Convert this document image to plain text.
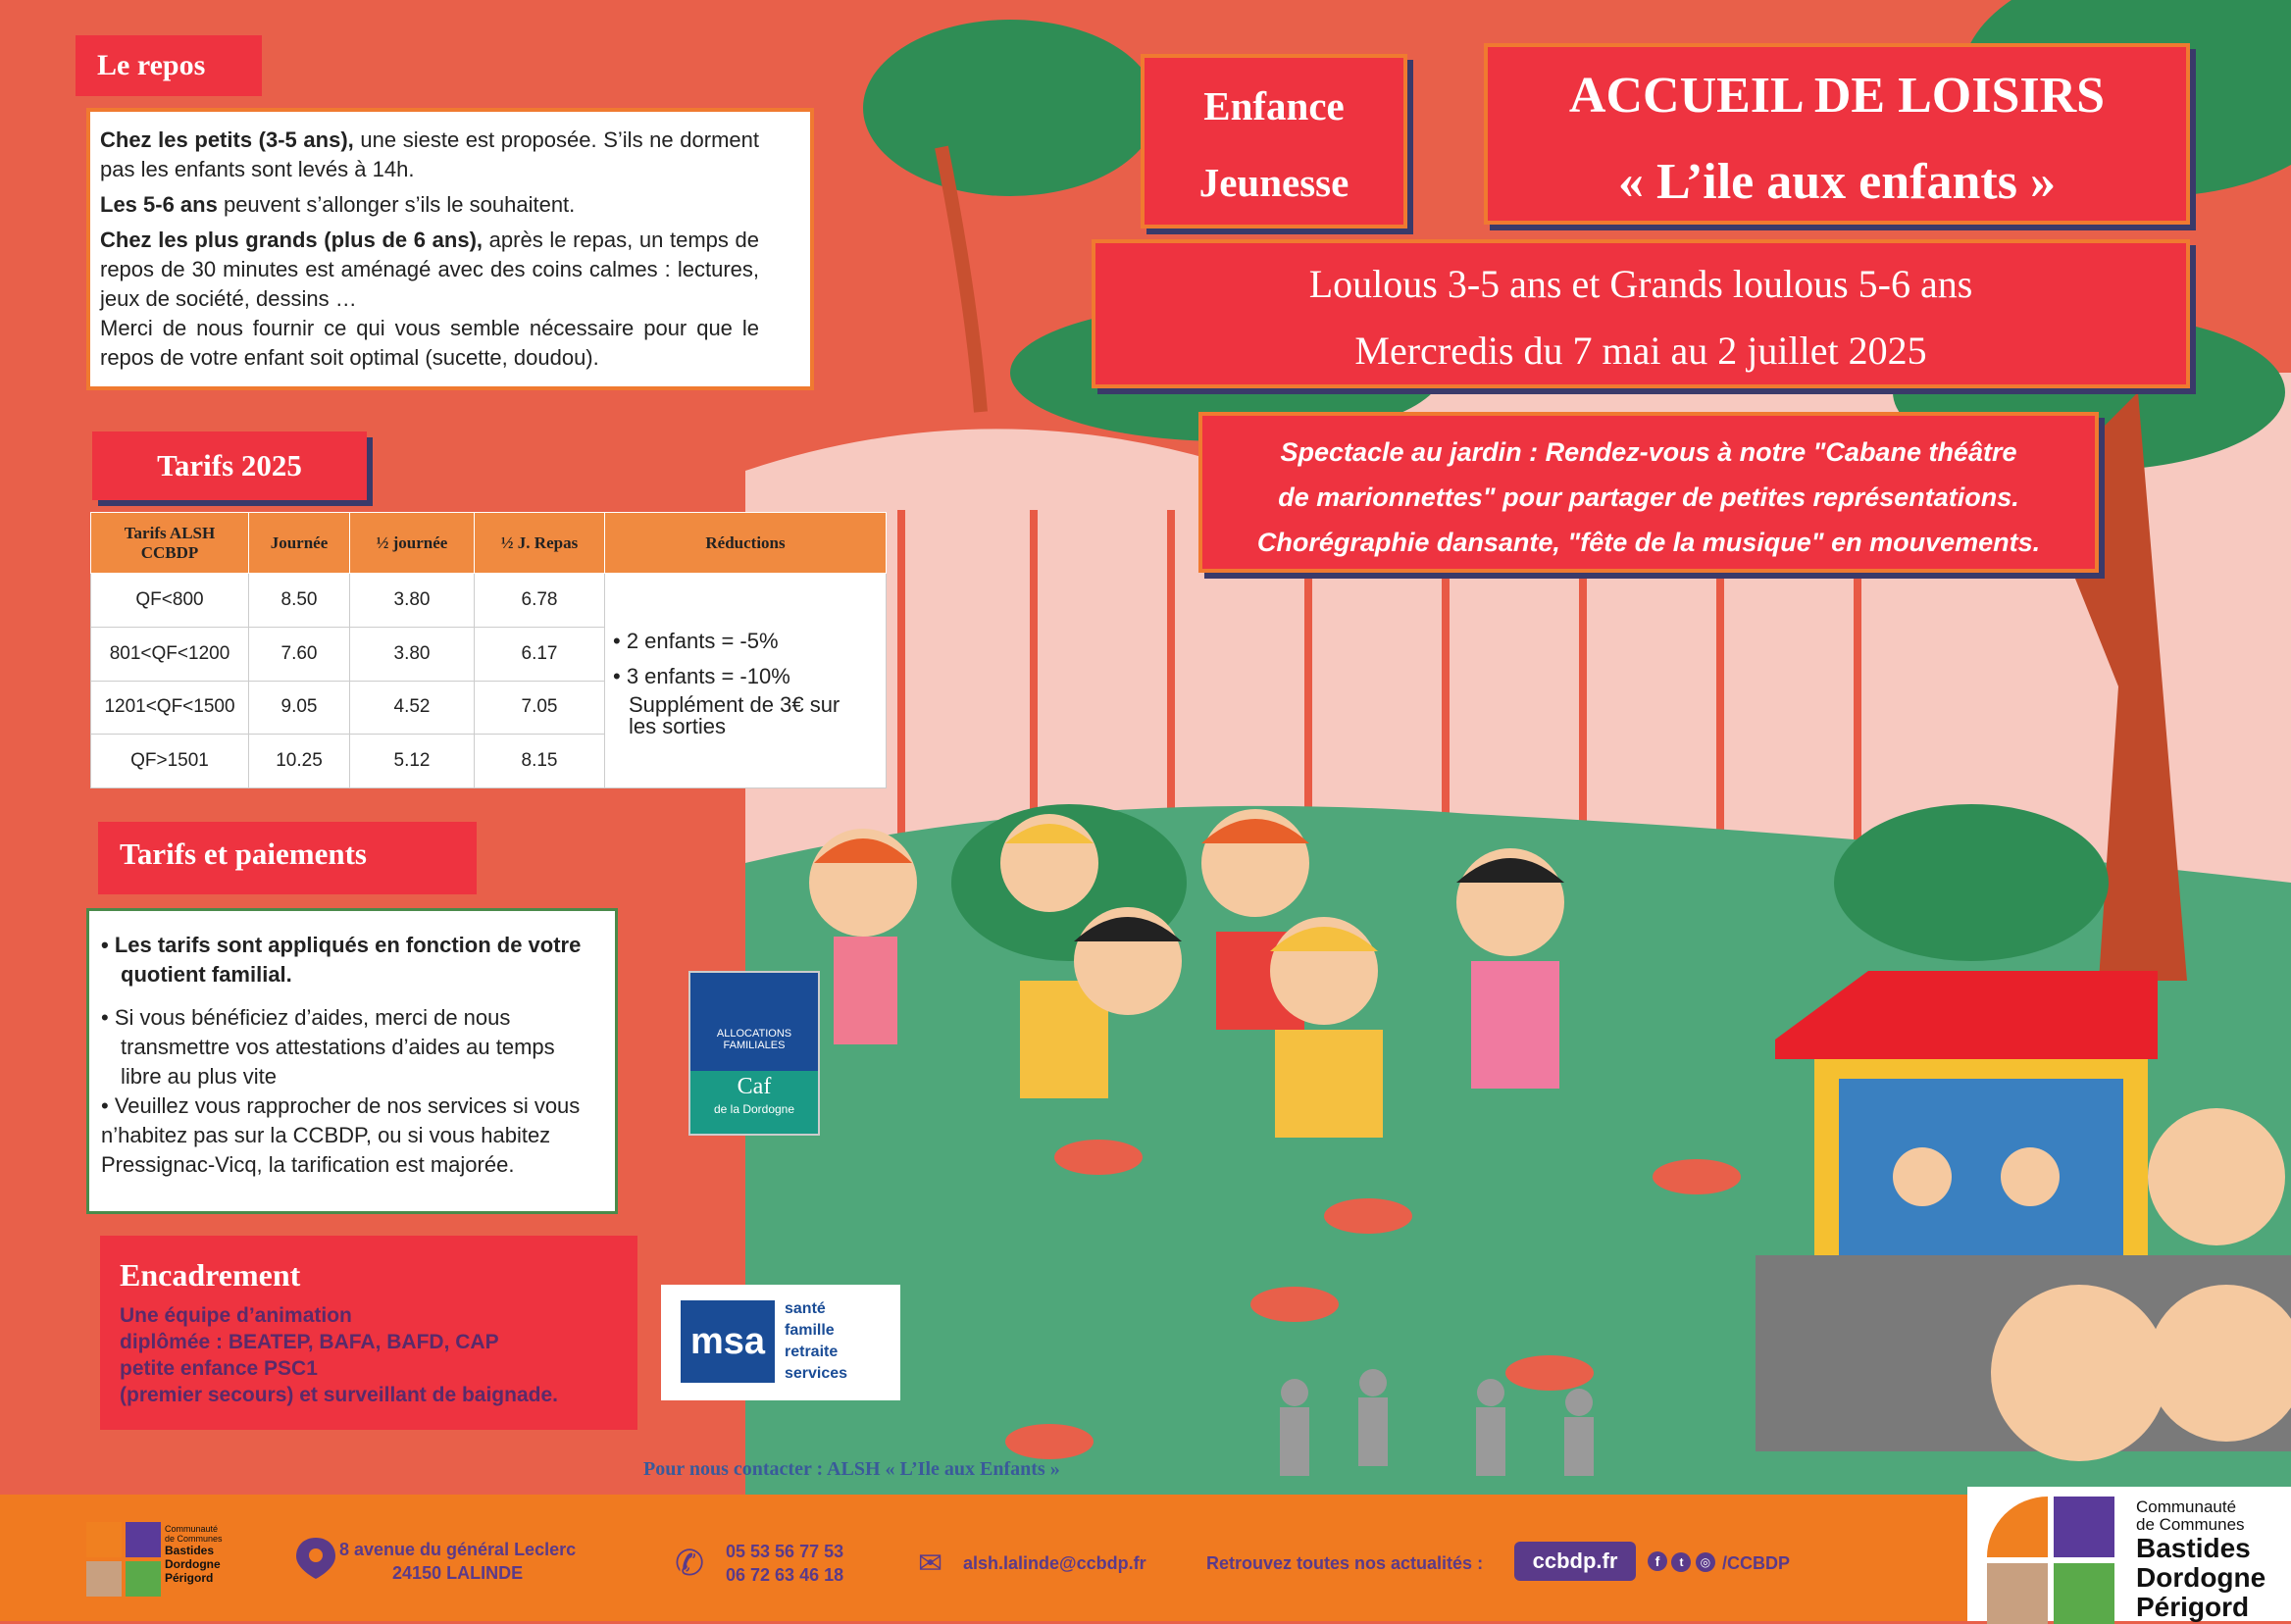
Enfance
Jeunesse
ACCUEIL DE LOISIRS
« L’ile aux enfants »
Loulous 3-5 ans et Grands loulous 5-6 ans
Mercredis du 7 mai au 2 juillet 2025
Spectacle au jardin : Rendez-vous à notre "Cabane théâtre
de marionnettes" pour partager de petites représentations.
Chorégraphie dansante, "fête de la musique" en mouvements.
Le repos
Chez les petits (3-5 ans), une sieste est proposée. S’ils ne dorment pas les enfants sont levés à 14h.
Les 5-6 ans peuvent s’allonger s’ils le souhaitent.
Chez les plus grands (plus de 6 ans), après le repas, un temps de repos de 30 minutes est aménagé avec des coins calmes : lectures, jeux de société, dessins …
Merci de nous fournir ce qui vous semble nécessaire pour que le repos de votre enfant soit optimal (sucette, doudou).
Tarifs 2025
Tarifs ALSH CCBDP	Journée	½ journée	½ J. Repas	Réductions
QF<800	8.50	3.80	6.78	• 2 enfants = -5%
• 3 enfants = -10%
Supplément de 3€ sur les sorties

801<QF<1200	7.60	3.80	6.17	
1201<QF<1500	9.05	4.52	7.05	
QF>1501	10.25	5.12	8.15	
Tarifs et paiements
• Les tarifs sont appliqués en fonction de votre quotient familial.
• Si vous bénéficiez d’aides, merci de nous transmettre vos attestations d’aides au temps libre au plus vite
• Veuillez vous rapprocher de nos services si vous n’habitez pas sur la CCBDP, ou si vous habitez Pressignac-Vicq, la tarification est majorée.
Encadrement
Une équipe d’animation
diplômée : BEATEP, BAFA, BAFD, CAP
petite enfance PSC1
(premier secours) et surveillant de baignade.
ALLOCATIONS
FAMILIALES
Caf
de la Dordogne
msa
santé
famille
retraite
services
Pour nous contacter : ALSH « L’Ile aux Enfants »
Communauté
de Communes
Bastides
Dordogne
Périgord
8 avenue du général Leclerc
24150 LALINDE	✆	05 53 56 77 53
06 72 63 46 18	✉	alsh.lalinde@ccbdp.fr	Retrouvez toutes nos actualités :	ccbdp.fr	f t ◎ /CCBDP
Communauté
de Communes
Bastides
Dordogne
Périgord
